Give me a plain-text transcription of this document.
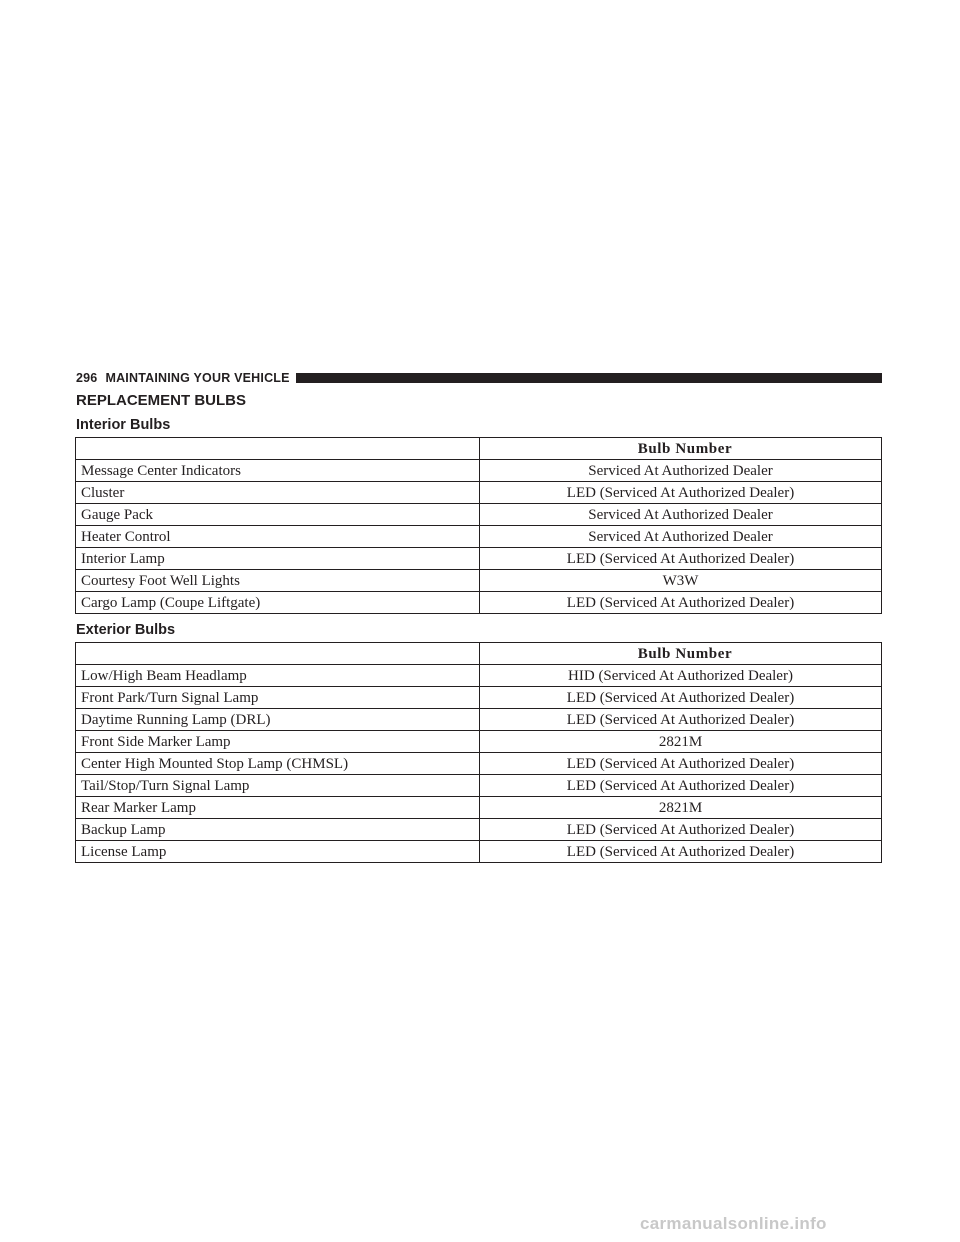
296 MAINTAINING YOUR VEHICLE
REPLACEMENT BULBS
Interior Bulbs
	Bulb Number
Message Center Indicators	Serviced At Authorized Dealer
Cluster	LED (Serviced At Authorized Dealer)
Gauge Pack	Serviced At Authorized Dealer
Heater Control	Serviced At Authorized Dealer
Interior Lamp	LED (Serviced At Authorized Dealer)
Courtesy Foot Well Lights	W3W
Cargo Lamp (Coupe Liftgate)	LED (Serviced At Authorized Dealer)
Exterior Bulbs
	Bulb Number
Low/High Beam Headlamp	HID (Serviced At Authorized Dealer)
Front Park/Turn Signal Lamp	LED (Serviced At Authorized Dealer)
Daytime Running Lamp (DRL)	LED (Serviced At Authorized Dealer)
Front Side Marker Lamp	2821M
Center High Mounted Stop Lamp (CHMSL)	LED (Serviced At Authorized Dealer)
Tail/Stop/Turn Signal Lamp	LED (Serviced At Authorized Dealer)
Rear Marker Lamp	2821M
Backup Lamp	LED (Serviced At Authorized Dealer)
License Lamp	LED (Serviced At Authorized Dealer)
carmanualsonline.info
